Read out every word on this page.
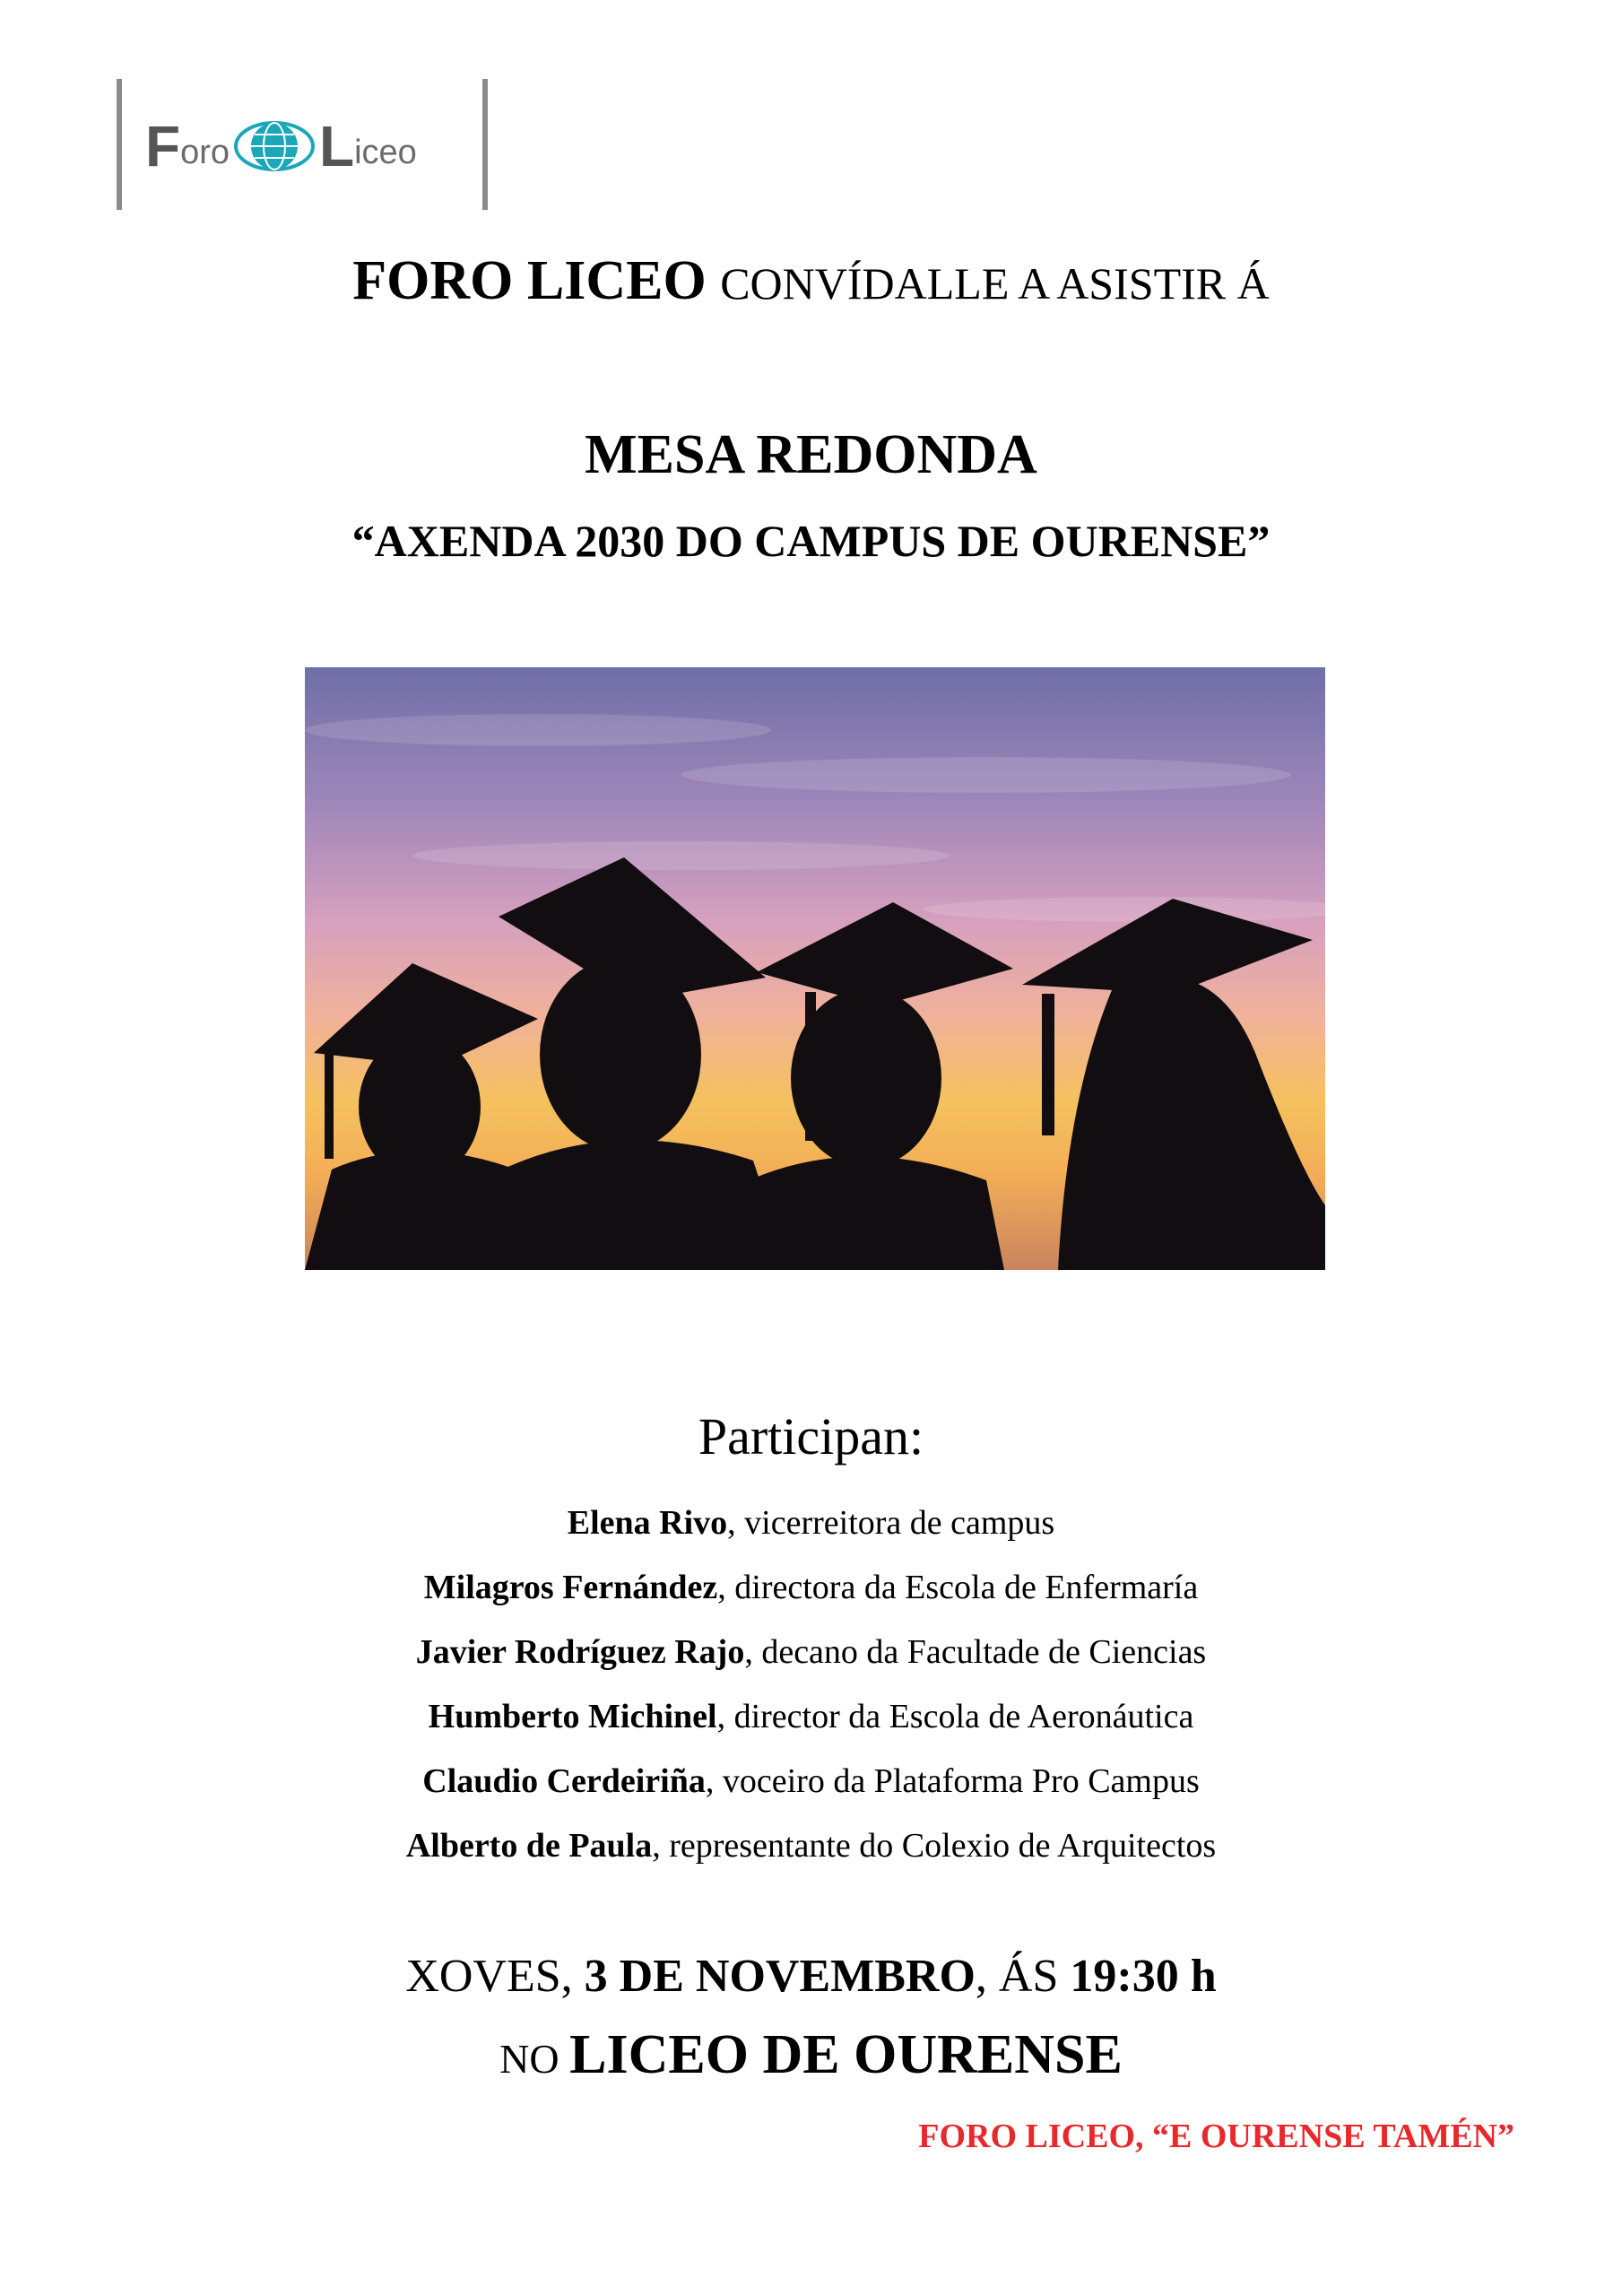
F oro L iceo
FORO LICEO CONVÍDALLE A ASISTIR Á
MESA REDONDA
“AXENDA 2030 DO CAMPUS DE OURENSE”
Participan:
Elena Rivo, vicerreitora de campus
Milagros Fernández, directora da Escola de Enfermaría
Javier Rodríguez Rajo, decano da Facultade de Ciencias
Humberto Michinel, director da Escola de Aeronáutica
Claudio Cerdeiriña, voceiro da Plataforma Pro Campus
Alberto de Paula, representante do Colexio de Arquitectos
XOVES, 3 DE NOVEMBRO, ÁS 19:30 h
NO LICEO DE OURENSE
FORO LICEO, “E OURENSE TAMÉN”
